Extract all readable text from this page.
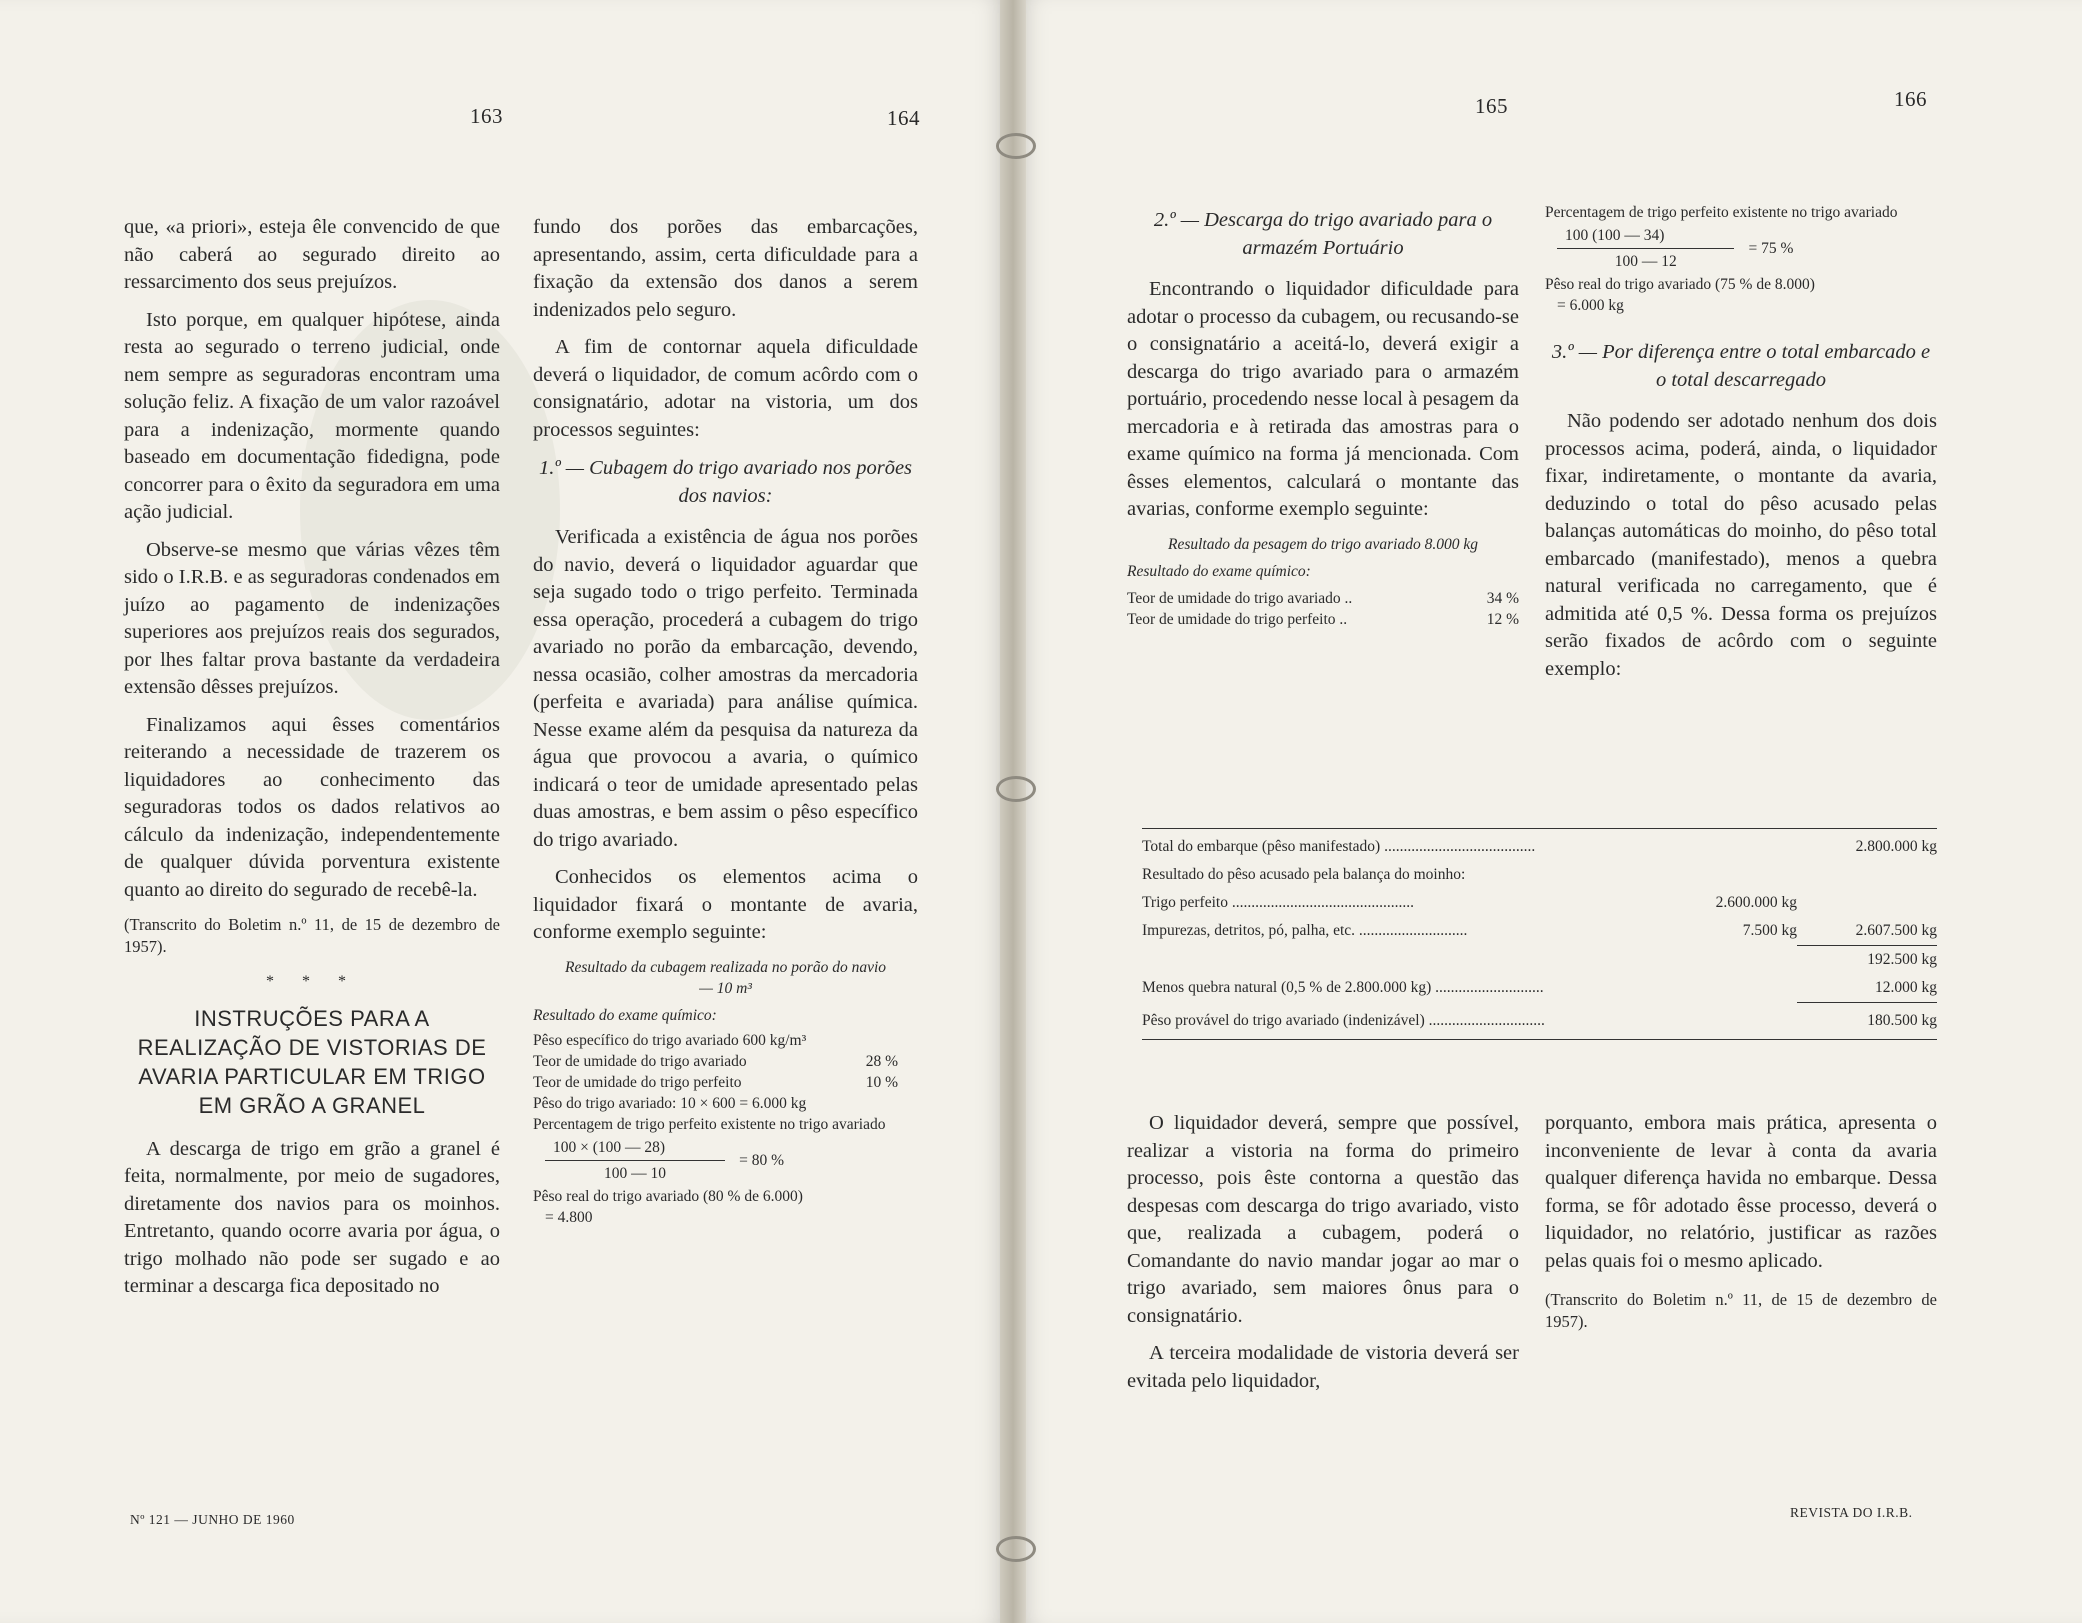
163	164	165	166

que, «a priori», esteja êle convencido de que não caberá ao segurado direito ao ressarcimento dos seus prejuízos.

Isto porque, em qualquer hipótese, ainda resta ao segurado o terreno judicial, onde nem sempre as seguradoras encontram uma solução feliz. A fixação de um valor razoável para a indenização, mormente quando baseado em documentação fidedigna, pode concorrer para o êxito da seguradora em uma ação judicial.

Observe-se mesmo que várias vêzes têm sido o I.R.B. e as seguradoras condenados em juízo ao pagamento de indenizações superiores aos prejuízos reais dos segurados, por lhes faltar prova bastante da verdadeira extensão dêsses prejuízos.

Finalizamos aqui êsses comentários reiterando a necessidade de trazerem os liquidadores ao conhecimento das seguradoras todos os dados relativos ao cálculo da indenização, independentemente de qualquer dúvida porventura existente quanto ao direito do segurado de recebê-la.

(Transcrito do Boletim n.º 11, de 15 de dezembro de 1957).

* * *
INSTRUÇÕES PARA A REALIZAÇÃO DE VISTORIAS DE AVARIA PARTICULAR EM TRIGO EM GRÃO A GRANEL

A descarga de trigo em grão a granel é feita, normalmente, por meio de sugadores, diretamente dos navios para os moinhos. Entretanto, quando ocorre avaria por água, o trigo molhado não pode ser sugado e ao terminar a descarga fica depositado no

fundo dos porões das embarcações, apresentando, assim, certa dificuldade para a fixação da extensão dos danos a serem indenizados pelo seguro.

A fim de contornar aquela dificuldade deverá o liquidador, de comum acôrdo com o consignatário, adotar na vistoria, um dos processos seguintes:

1.º — Cubagem do trigo avariado nos porões dos navios:

Verificada a existência de água nos porões do navio, deverá o liquidador aguardar que seja sugado todo o trigo perfeito. Terminada essa operação, procederá a cubagem do trigo avariado no porão da embarcação, devendo, nessa ocasião, colher amostras da mercadoria (perfeita e avariada) para análise química. Nesse exame além da pesquisa da natureza da água que provocou a avaria, o químico indicará o teor de umidade apresentado pelas duas amostras, e bem assim o pêso específico do trigo avariado.

Conhecidos os elementos acima o liquidador fixará o montante de avaria, conforme exemplo seguinte:

Resultado da cubagem realizada no porão do navio — 10 m³
Resultado do exame químico:
Pêso específico do trigo avariado 600 kg/m³
Teor de umidade do trigo avariado	28 %
Teor de umidade do trigo perfeito	10 %
Pêso do trigo avariado: 10 × 600 = 6.000 kg
Percentagem de trigo perfeito existente no trigo avariado
$\frac{100 \times (100 — 28)}{100 — 10} = 80$ %
Pêso real do trigo avariado (80 % de 6.000)
= 4.800
2.º — Descarga do trigo avariado para o armazém Portuário

Encontrando o liquidador dificuldade para adotar o processo da cubagem, ou recusando-se o consignatário a aceitá-lo, deverá exigir a descarga do trigo avariado para o armazém portuário, procedendo nesse local à pesagem da mercadoria e à retirada das amostras para o exame químico na forma já mencionada. Com êsses elementos, calculará o montante das avarias, conforme exemplo seguinte:

Resultado da pesagem do trigo avariado 8.000 kg
Resultado do exame químico:
Teor de umidade do trigo avariado ..	34 %
Teor de umidade do trigo perfeito ..	12 %
Percentagem de trigo perfeito existente no trigo avariado
$\frac{100 (100 — 34)}{100 — 12} = 75$ %
Pêso real do trigo avariado (75 % de 8.000)
= 6.000 kg
3.º — Por diferença entre o total embarcado e o total descarregado

Não podendo ser adotado nenhum dos dois processos acima, poderá, ainda, o liquidador fixar, indiretamente, o montante da avaria, deduzindo o total do pêso acusado pelas balanças automáticas do moinho, do pêso total embarcado (manifestado), menos a quebra natural verificada no carregamento, que é admitida até 0,5 %. Dessa forma os prejuízos serão fixados de acôrdo com o seguinte exemplo:

Total do embarque (pêso manifestado) .......................................	2.800.000 kg
Resultado do pêso acusado pela balança do moinho:
Trigo perfeito ...............................................	2.600.000 kg
Impurezas, detritos, pó, palha, etc. ............................	7.500 kg	2.607.500 kg
192.500 kg
Menos quebra natural (0,5 % de 2.800.000 kg) ............................	12.000 kg
Pêso provável do trigo avariado (indenizável) ..............................	180.500 kg

O liquidador deverá, sempre que possível, realizar a vistoria na forma do primeiro processo, pois êste contorna a questão das despesas com descarga do trigo avariado, visto que, realizada a cubagem, poderá o Comandante do navio mandar jogar ao mar o trigo avariado, sem maiores ônus para o consignatário.

A terceira modalidade de vistoria deverá ser evitada pelo liquidador,

porquanto, embora mais prática, apresenta o inconveniente de levar à conta da avaria qualquer diferença havida no embarque. Dessa forma, se fôr adotado êsse processo, deverá o liquidador, no relatório, justificar as razões pelas quais foi o mesmo aplicado.

(Transcrito do Boletim n.º 11, de 15 de dezembro de 1957).

Nº 121 — JUNHO DE 1960	REVISTA DO I.R.B.
